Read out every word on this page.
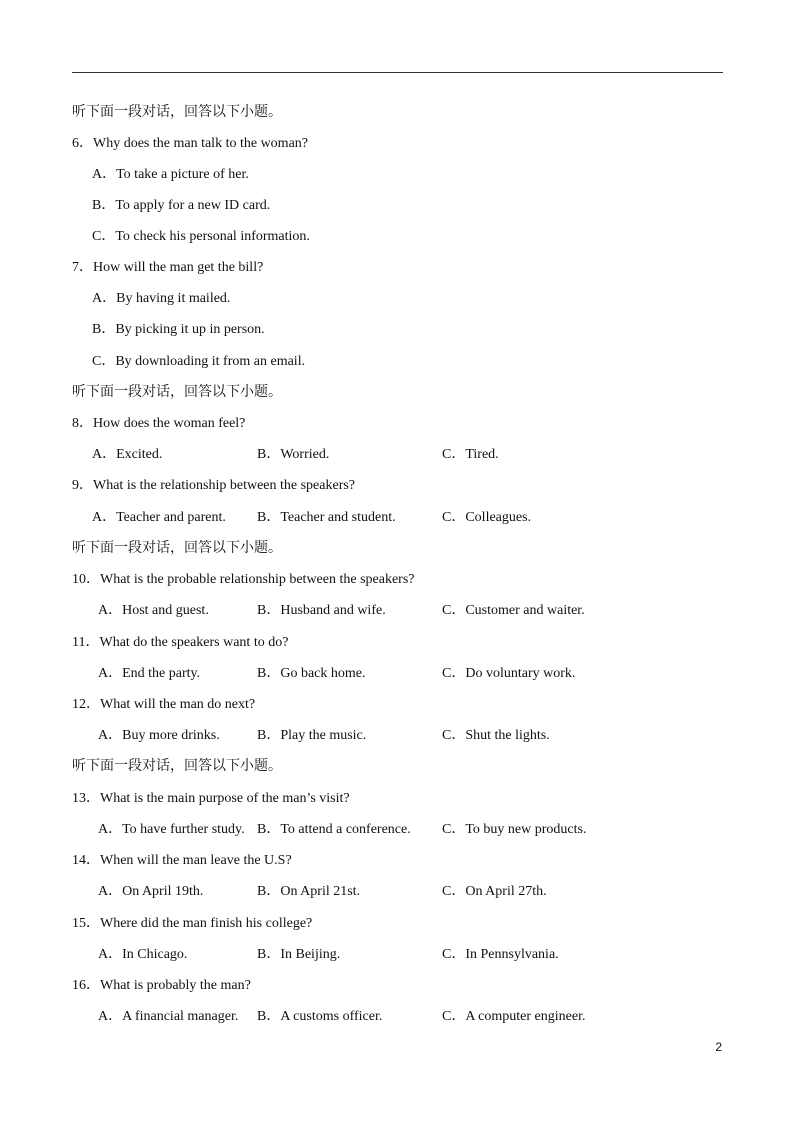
听下面一段对话，回答以下小题。
6．Why does the man talk to the woman?
A．To take a picture of her.
B．To apply for a new ID card.
C．To check his personal information.
7．How will the man get the bill?
A．By having it mailed.
B．By picking it up in person.
C．By downloading it from an email.
听下面一段对话，回答以下小题。
8．How does the woman feel?
A．Excited.	B．Worried.	C．Tired.
9．What is the relationship between the speakers?
A．Teacher and parent. B．Teacher and student.	C．Colleagues.
听下面一段对话，回答以下小题。
10．What is the probable relationship between the speakers?
A．Host and guest.	B．Husband and wife.	C．Customer and waiter.
11．What do the speakers want to do?
A．End the party.	B．Go back home.	C．Do voluntary work.
12．What will the man do next?
A．Buy more drinks.	B．Play the music.	C．Shut the lights.
听下面一段对话，回答以下小题。
13．What is the main purpose of the man’s visit?
A．To have further study. B．To attend a conference. C．To buy new products.
14．When will the man leave the U.S?
A．On April 19th.	B．On April 21st.	C．On April 27th.
15．Where did the man finish his college?
A．In Chicago.	B．In Beijing.	C．In Pennsylvania.
16．What is probably the man?
A．A financial manager. B．A customs officer.	C．A computer engineer.
2
